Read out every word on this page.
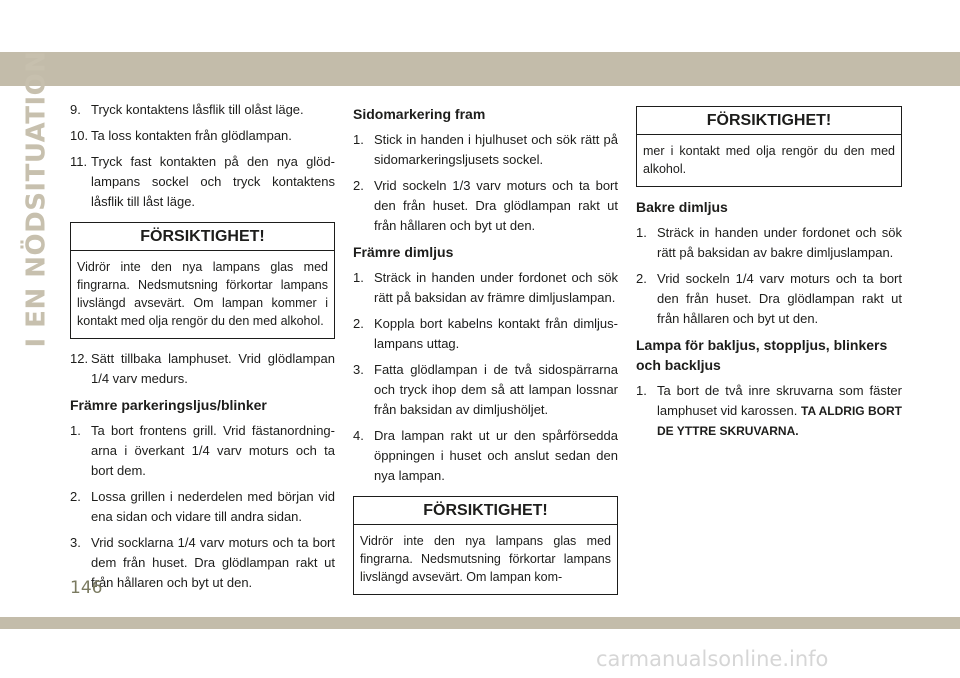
I EN NÖDSITUATION 9. Tryck kontaktens låsflik till olåst läge.
10. Ta loss kontakten från glödlampan.
11. Tryck fast kontakten på den nya glödlampans sockel och tryck kontaktens låsflik till låst läge.
FÖRSIKTIGHET!
Vidrör inte den nya lampans glas med fingrarna. Nedsmutsning förkortar lampans livslängd avsevärt. Om lampan kommer i kontakt med olja rengör du den med alkohol.
12. Sätt tillbaka lamphuset. Vrid glödlampan 1/4 varv medurs.
Främre parkeringsljus/blinker
1. Ta bort frontens grill. Vrid fästanordningarna i överkant 1/4 varv moturs och ta bort dem.
2. Lossa grillen i nederdelen med början vid ena sidan och vidare till andra sidan.
3. Vrid socklarna 1/4 varv moturs och ta bort dem från huset. Dra glödlampan rakt ut från hållaren och byt ut den.
Sidomarkering fram
1. Stick in handen i hjulhuset och sök rätt på sidomarkeringsljusets sockel.
2. Vrid sockeln 1/3 varv moturs och ta bort den från huset. Dra glödlampan rakt ut från hållaren och byt ut den.
Främre dimljus
1. Sträck in handen under fordonet och sök rätt på baksidan av främre dimljuslampan.
2. Koppla bort kabelns kontakt från dimljuslampans uttag.
3. Fatta glödlampan i de två sidospärrarna och tryck ihop dem så att lampan lossnar från baksidan av dimljushöljet.
4. Dra lampan rakt ut ur den spårförsedda öppningen i huset och anslut sedan den nya lampan.
FÖRSIKTIGHET!
Vidrör inte den nya lampans glas med fingrarna. Nedsmutsning förkortar lampans livslängd avsevärt. Om lampan kom-
FÖRSIKTIGHET!
mer i kontakt med olja rengör du den med alkohol.
Bakre dimljus
1. Sträck in handen under fordonet och sök rätt på baksidan av bakre dimljuslampan.
2. Vrid sockeln 1/4 varv moturs och ta bort den från huset. Dra glödlampan rakt ut från hållaren och byt ut den.
Lampa för bakljus, stoppljus, blinkers och backljus
1. Ta bort de två inre skruvarna som fäster lamphuset vid karossen. TA ALDRIG BORT DE YTTRE SKRUVARNA.
146
carmanualsonline.info
